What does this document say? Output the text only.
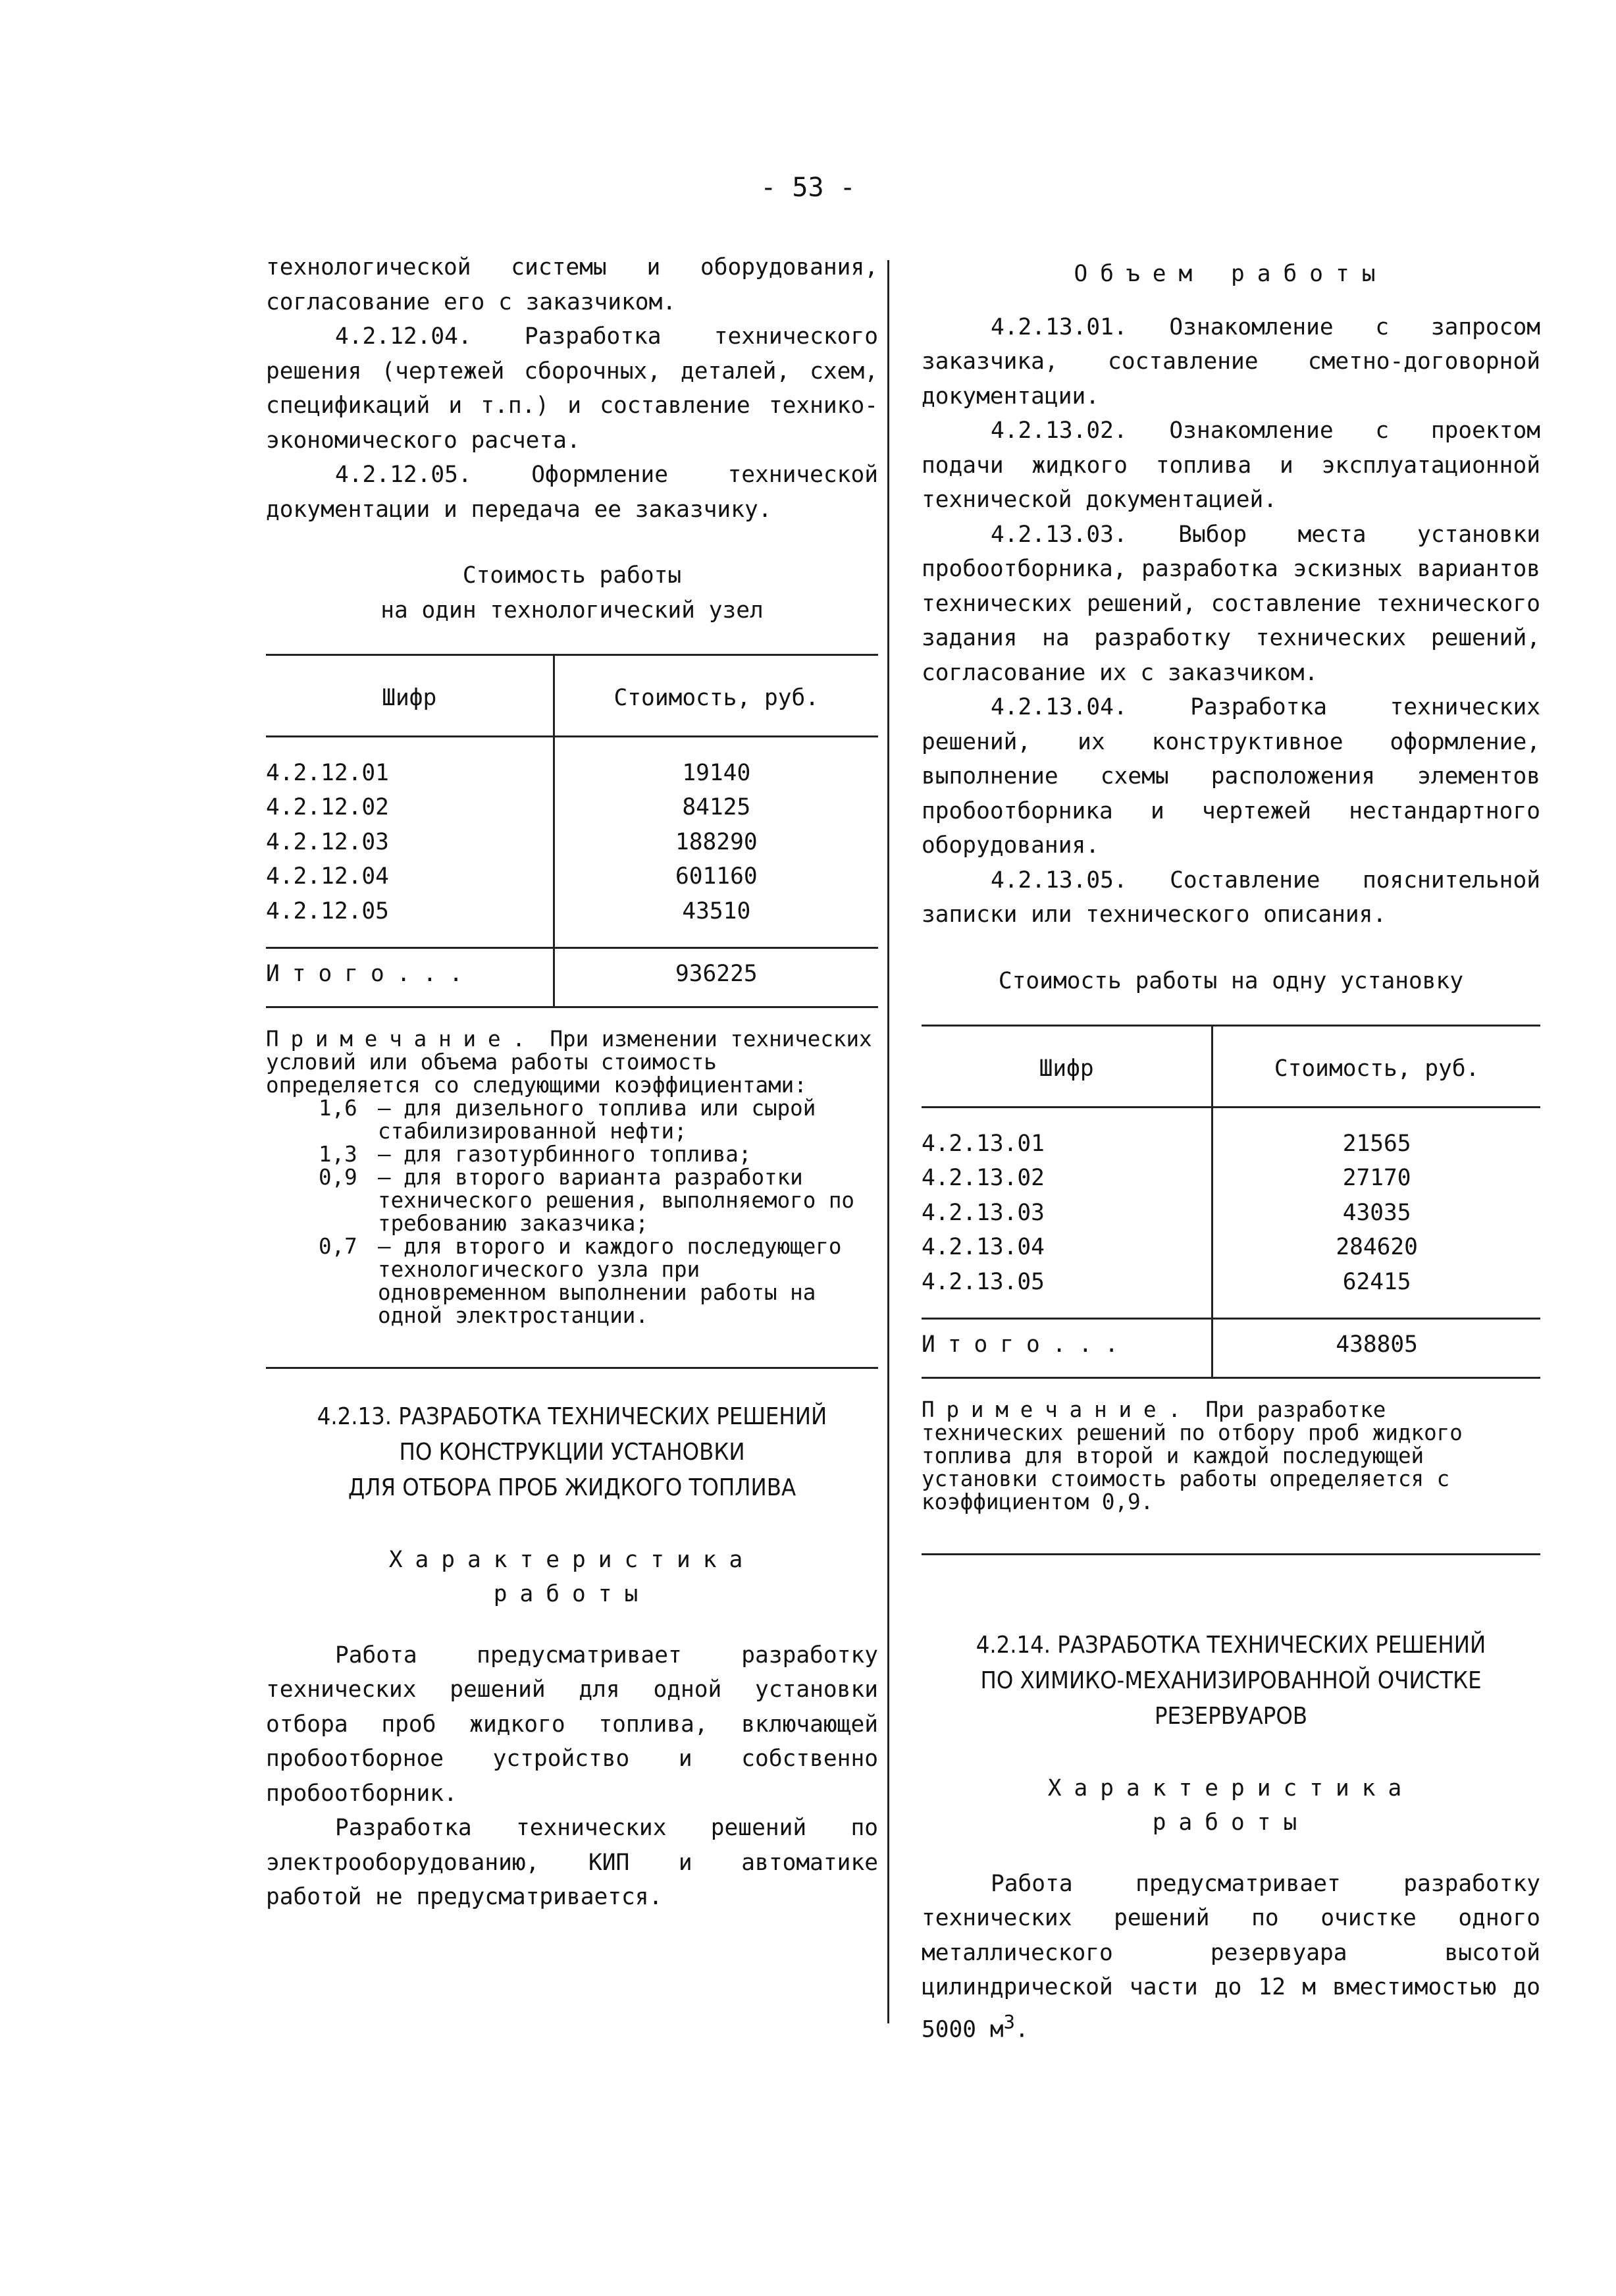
- 53 -

технологической системы и оборудования, согласование его с заказчиком.

4.2.12.04. Разработка технического решения (чертежей сборочных, деталей, схем, спецификаций и т.п.) и составление технико-экономического расчета.

4.2.12.05. Оформление технической документации и передача ее заказчику.

Стоимость работы
на один технологический узел
Шифр	Стоимость, руб.
4.2.12.01	19140
4.2.12.02	84125
4.2.12.03	188290
4.2.12.04	601160
4.2.12.05	43510
Итого...	936225
Примечание. При изменении технических условий или объема работы стоимость определяется со следующими коэффициентами:
1,6 – для дизельного топлива или сырой стабилизированной нефти;
1,3 – для газотурбинного топлива;
0,9 – для второго варианта разработки технического решения, выполняемого по требованию заказчика;
0,7 – для второго и каждого последующего технологического узла при одновременном выполнении работы на одной электростанции.
4.2.13. РАЗРАБОТКА ТЕХНИЧЕСКИХ РЕШЕНИЙ
ПО КОНСТРУКЦИИ УСТАНОВКИ
ДЛЯ ОТБОРА ПРОБ ЖИДКОГО ТОПЛИВА
Характеристика
работы

Работа предусматривает разработку технических решений для одной установки отбора проб жидкого топлива, включающей пробоотборное устройство и собственно пробоотборник.

Разработка технических решений по электрооборудованию, КИП и автоматике работой не предусматривается.

Объем работы

4.2.13.01. Ознакомление с запросом заказчика, составление сметно-договорной документации.

4.2.13.02. Ознакомление с проектом подачи жидкого топлива и эксплуатационной технической документацией.

4.2.13.03. Выбор места установки пробоотборника, разработка эскизных вариантов технических решений, составление технического задания на разработку технических решений, согласование их с заказчиком.

4.2.13.04. Разработка технических решений, их конструктивное оформление, выполнение схемы расположения элементов пробоотборника и чертежей нестандартного оборудования.

4.2.13.05. Составление пояснительной записки или технического описания.

Стоимость работы на одну установку
Шифр	Стоимость, руб.
4.2.13.01	21565
4.2.13.02	27170
4.2.13.03	43035
4.2.13.04	284620
4.2.13.05	62415
Итого...	438805
Примечание. При разработке технических решений по отбору проб жидкого топлива для второй и каждой последующей установки стоимость работы определяется с коэффициентом 0,9.
4.2.14. РАЗРАБОТКА ТЕХНИЧЕСКИХ РЕШЕНИЙ
ПО ХИМИКО-МЕХАНИЗИРОВАННОЙ ОЧИСТКЕ
РЕЗЕРВУАРОВ
Характеристика
работы

Работа предусматривает разработку технических решений по очистке одного металлического резервуара высотой цилиндрической части до 12 м вместимостью до 5000 $м^3$.
